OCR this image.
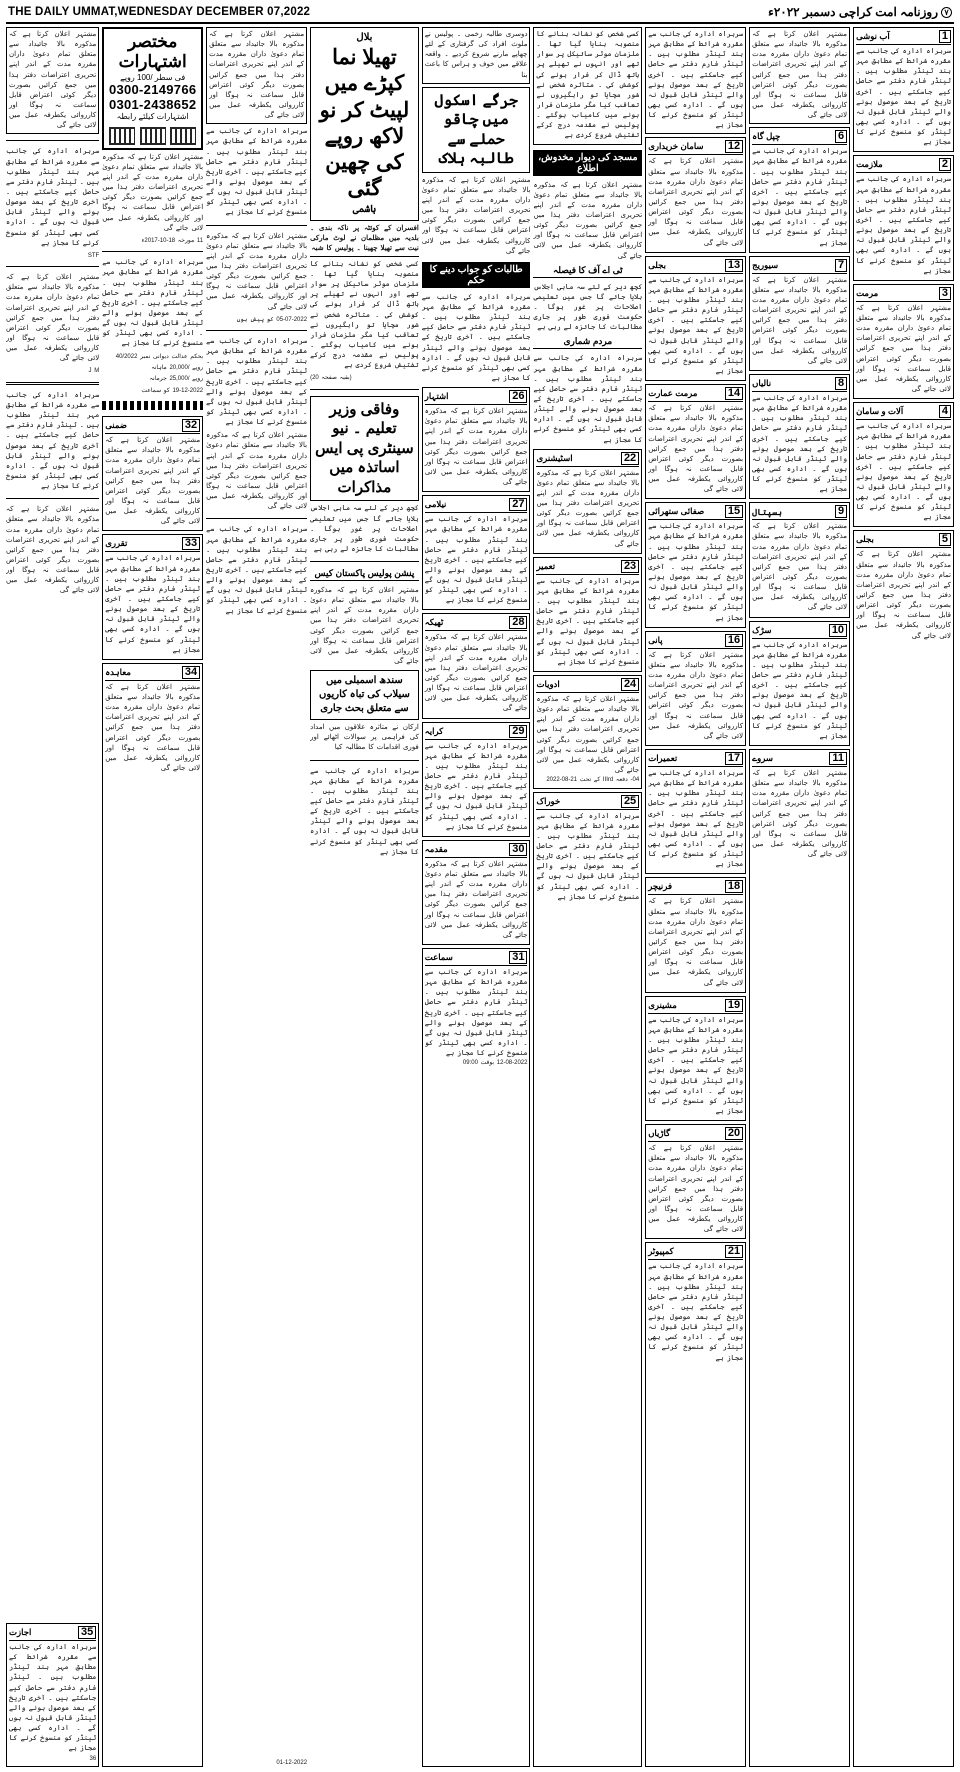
THE DAILY UMMAT,WEDNESDAY DECEMBER 07,2022	۷روزنامہ امت کراچی دسمبر ۲۰۲۲ء
1
آب نوشی
سربراہ ادارہ کی جانب سے مقررہ شرائط کے مطابق مہر بند ٹینڈر مطلوب ہیں ۔ ٹینڈر فارم دفتر سے حاصل کیے جاسکتے ہیں ۔ آخری تاریخ کے بعد موصول ہونے والے ٹینڈر قابل قبول نہ ہوں گے ۔ ادارہ کسی بھی ٹینڈر کو منسوخ کرنے کا مجاز ہے
2
ملازمت
سربراہ ادارہ کی جانب سے مقررہ شرائط کے مطابق مہر بند ٹینڈر مطلوب ہیں ۔ ٹینڈر فارم دفتر سے حاصل کیے جاسکتے ہیں ۔ آخری تاریخ کے بعد موصول ہونے والے ٹینڈر قابل قبول نہ ہوں گے ۔ ادارہ کسی بھی ٹینڈر کو منسوخ کرنے کا مجاز ہے
3
مرمت
مشتہر اعلان کرتا ہے کہ مذکورہ بالا جائیداد سے متعلق تمام دعویٰ داران مقررہ مدت کے اندر اپنے تحریری اعتراضات دفتر ہذا میں جمع کرائیں بصورت دیگر کوئی اعتراض قابل سماعت نہ ہوگا اور کارروائی یکطرفہ عمل میں لائی جائے گی
4
آلات و سامان
سربراہ ادارہ کی جانب سے مقررہ شرائط کے مطابق مہر بند ٹینڈر مطلوب ہیں ۔ ٹینڈر فارم دفتر سے حاصل کیے جاسکتے ہیں ۔ آخری تاریخ کے بعد موصول ہونے والے ٹینڈر قابل قبول نہ ہوں گے ۔ ادارہ کسی بھی ٹینڈر کو منسوخ کرنے کا مجاز ہے
5
بجلی
مشتہر اعلان کرتا ہے کہ مذکورہ بالا جائیداد سے متعلق تمام دعویٰ داران مقررہ مدت کے اندر اپنے تحریری اعتراضات دفتر ہذا میں جمع کرائیں بصورت دیگر کوئی اعتراض قابل سماعت نہ ہوگا اور کارروائی یکطرفہ عمل میں لائی جائے گی
مشتہر اعلان کرتا ہے کہ مذکورہ بالا جائیداد سے متعلق تمام دعویٰ داران مقررہ مدت کے اندر اپنے تحریری اعتراضات دفتر ہذا میں جمع کرائیں بصورت دیگر کوئی اعتراض قابل سماعت نہ ہوگا اور کارروائی یکطرفہ عمل میں لائی جائے گی
6
چپل گاہ
سربراہ ادارہ کی جانب سے مقررہ شرائط کے مطابق مہر بند ٹینڈر مطلوب ہیں ۔ ٹینڈر فارم دفتر سے حاصل کیے جاسکتے ہیں ۔ آخری تاریخ کے بعد موصول ہونے والے ٹینڈر قابل قبول نہ ہوں گے ۔ ادارہ کسی بھی ٹینڈر کو منسوخ کرنے کا مجاز ہے
7
سیوریج
مشتہر اعلان کرتا ہے کہ مذکورہ بالا جائیداد سے متعلق تمام دعویٰ داران مقررہ مدت کے اندر اپنے تحریری اعتراضات دفتر ہذا میں جمع کرائیں بصورت دیگر کوئی اعتراض قابل سماعت نہ ہوگا اور کارروائی یکطرفہ عمل میں لائی جائے گی
8
نالیاں
سربراہ ادارہ کی جانب سے مقررہ شرائط کے مطابق مہر بند ٹینڈر مطلوب ہیں ۔ ٹینڈر فارم دفتر سے حاصل کیے جاسکتے ہیں ۔ آخری تاریخ کے بعد موصول ہونے والے ٹینڈر قابل قبول نہ ہوں گے ۔ ادارہ کسی بھی ٹینڈر کو منسوخ کرنے کا مجاز ہے
9
ہسپتال
مشتہر اعلان کرتا ہے کہ مذکورہ بالا جائیداد سے متعلق تمام دعویٰ داران مقررہ مدت کے اندر اپنے تحریری اعتراضات دفتر ہذا میں جمع کرائیں بصورت دیگر کوئی اعتراض قابل سماعت نہ ہوگا اور کارروائی یکطرفہ عمل میں لائی جائے گی
10
سڑک
سربراہ ادارہ کی جانب سے مقررہ شرائط کے مطابق مہر بند ٹینڈر مطلوب ہیں ۔ ٹینڈر فارم دفتر سے حاصل کیے جاسکتے ہیں ۔ آخری تاریخ کے بعد موصول ہونے والے ٹینڈر قابل قبول نہ ہوں گے ۔ ادارہ کسی بھی ٹینڈر کو منسوخ کرنے کا مجاز ہے
11
سروے
مشتہر اعلان کرتا ہے کہ مذکورہ بالا جائیداد سے متعلق تمام دعویٰ داران مقررہ مدت کے اندر اپنے تحریری اعتراضات دفتر ہذا میں جمع کرائیں بصورت دیگر کوئی اعتراض قابل سماعت نہ ہوگا اور کارروائی یکطرفہ عمل میں لائی جائے گی
سربراہ ادارہ کی جانب سے مقررہ شرائط کے مطابق مہر بند ٹینڈر مطلوب ہیں ۔ ٹینڈر فارم دفتر سے حاصل کیے جاسکتے ہیں ۔ آخری تاریخ کے بعد موصول ہونے والے ٹینڈر قابل قبول نہ ہوں گے ۔ ادارہ کسی بھی ٹینڈر کو منسوخ کرنے کا مجاز ہے
12
سامان خریداری
مشتہر اعلان کرتا ہے کہ مذکورہ بالا جائیداد سے متعلق تمام دعویٰ داران مقررہ مدت کے اندر اپنے تحریری اعتراضات دفتر ہذا میں جمع کرائیں بصورت دیگر کوئی اعتراض قابل سماعت نہ ہوگا اور کارروائی یکطرفہ عمل میں لائی جائے گی
13
بجلی
سربراہ ادارہ کی جانب سے مقررہ شرائط کے مطابق مہر بند ٹینڈر مطلوب ہیں ۔ ٹینڈر فارم دفتر سے حاصل کیے جاسکتے ہیں ۔ آخری تاریخ کے بعد موصول ہونے والے ٹینڈر قابل قبول نہ ہوں گے ۔ ادارہ کسی بھی ٹینڈر کو منسوخ کرنے کا مجاز ہے
14
مرمت عمارت
مشتہر اعلان کرتا ہے کہ مذکورہ بالا جائیداد سے متعلق تمام دعویٰ داران مقررہ مدت کے اندر اپنے تحریری اعتراضات دفتر ہذا میں جمع کرائیں بصورت دیگر کوئی اعتراض قابل سماعت نہ ہوگا اور کارروائی یکطرفہ عمل میں لائی جائے گی
15
صفائی ستھرائی
سربراہ ادارہ کی جانب سے مقررہ شرائط کے مطابق مہر بند ٹینڈر مطلوب ہیں ۔ ٹینڈر فارم دفتر سے حاصل کیے جاسکتے ہیں ۔ آخری تاریخ کے بعد موصول ہونے والے ٹینڈر قابل قبول نہ ہوں گے ۔ ادارہ کسی بھی ٹینڈر کو منسوخ کرنے کا مجاز ہے
16
پانی
مشتہر اعلان کرتا ہے کہ مذکورہ بالا جائیداد سے متعلق تمام دعویٰ داران مقررہ مدت کے اندر اپنے تحریری اعتراضات دفتر ہذا میں جمع کرائیں بصورت دیگر کوئی اعتراض قابل سماعت نہ ہوگا اور کارروائی یکطرفہ عمل میں لائی جائے گی
17
تعمیرات
سربراہ ادارہ کی جانب سے مقررہ شرائط کے مطابق مہر بند ٹینڈر مطلوب ہیں ۔ ٹینڈر فارم دفتر سے حاصل کیے جاسکتے ہیں ۔ آخری تاریخ کے بعد موصول ہونے والے ٹینڈر قابل قبول نہ ہوں گے ۔ ادارہ کسی بھی ٹینڈر کو منسوخ کرنے کا مجاز ہے
18
فرنیچر
مشتہر اعلان کرتا ہے کہ مذکورہ بالا جائیداد سے متعلق تمام دعویٰ داران مقررہ مدت کے اندر اپنے تحریری اعتراضات دفتر ہذا میں جمع کرائیں بصورت دیگر کوئی اعتراض قابل سماعت نہ ہوگا اور کارروائی یکطرفہ عمل میں لائی جائے گی
19
مشینری
سربراہ ادارہ کی جانب سے مقررہ شرائط کے مطابق مہر بند ٹینڈر مطلوب ہیں ۔ ٹینڈر فارم دفتر سے حاصل کیے جاسکتے ہیں ۔ آخری تاریخ کے بعد موصول ہونے والے ٹینڈر قابل قبول نہ ہوں گے ۔ ادارہ کسی بھی ٹینڈر کو منسوخ کرنے کا مجاز ہے
20
گاڑیاں
مشتہر اعلان کرتا ہے کہ مذکورہ بالا جائیداد سے متعلق تمام دعویٰ داران مقررہ مدت کے اندر اپنے تحریری اعتراضات دفتر ہذا میں جمع کرائیں بصورت دیگر کوئی اعتراض قابل سماعت نہ ہوگا اور کارروائی یکطرفہ عمل میں لائی جائے گی
21
کمپیوٹر
سربراہ ادارہ کی جانب سے مقررہ شرائط کے مطابق مہر بند ٹینڈر مطلوب ہیں ۔ ٹینڈر فارم دفتر سے حاصل کیے جاسکتے ہیں ۔ آخری تاریخ کے بعد موصول ہونے والے ٹینڈر قابل قبول نہ ہوں گے ۔ ادارہ کسی بھی ٹینڈر کو منسوخ کرنے کا مجاز ہے
کسی شخص کو نشانہ بنانے کا منصوبہ بنایا گیا تھا ۔ ملزمان موٹر سائیکل پر سوار تھے اور انہوں نے تھیلے پر ہاتھ ڈال کر فرار ہونے کی کوشش کی ۔ متاثرہ شخص نے شور مچایا تو راہگیروں نے تعاقب کیا مگر ملزمان فرار ہونے میں کامیاب ہوگئے ۔ پولیس نے مقدمہ درج کرکے تفتیش شروع کردی ہے
مسجد کی دیوار مخدوش، اطلاع
مشتہر اعلان کرتا ہے کہ مذکورہ بالا جائیداد سے متعلق تمام دعویٰ داران مقررہ مدت کے اندر اپنے تحریری اعتراضات دفتر ہذا میں جمع کرائیں بصورت دیگر کوئی اعتراض قابل سماعت نہ ہوگا اور کارروائی یکطرفہ عمل میں لائی جائے گی
ٹی اے آف کا فیصلہ
کچھ دیر کے لئے سہ ماہی اجلاس بلایا جائے گا جس میں تعلیمی اصلاحات پر غور ہوگا ۔ حکومت فوری طور پر جاری مطالبات کا جائزہ لے رہی ہے
مردم شماری
سربراہ ادارہ کی جانب سے مقررہ شرائط کے مطابق مہر بند ٹینڈر مطلوب ہیں ۔ ٹینڈر فارم دفتر سے حاصل کیے جاسکتے ہیں ۔ آخری تاریخ کے بعد موصول ہونے والے ٹینڈر قابل قبول نہ ہوں گے ۔ ادارہ کسی بھی ٹینڈر کو منسوخ کرنے کا مجاز ہے
22
اسٹیشنری
مشتہر اعلان کرتا ہے کہ مذکورہ بالا جائیداد سے متعلق تمام دعویٰ داران مقررہ مدت کے اندر اپنے تحریری اعتراضات دفتر ہذا میں جمع کرائیں بصورت دیگر کوئی اعتراض قابل سماعت نہ ہوگا اور کارروائی یکطرفہ عمل میں لائی جائے گی
23
تعمیر
سربراہ ادارہ کی جانب سے مقررہ شرائط کے مطابق مہر بند ٹینڈر مطلوب ہیں ۔ ٹینڈر فارم دفتر سے حاصل کیے جاسکتے ہیں ۔ آخری تاریخ کے بعد موصول ہونے والے ٹینڈر قابل قبول نہ ہوں گے ۔ ادارہ کسی بھی ٹینڈر کو منسوخ کرنے کا مجاز ہے
24
ادویات
مشتہر اعلان کرتا ہے کہ مذکورہ بالا جائیداد سے متعلق تمام دعویٰ داران مقررہ مدت کے اندر اپنے تحریری اعتراضات دفتر ہذا میں جمع کرائیں بصورت دیگر کوئی اعتراض قابل سماعت نہ ہوگا اور کارروائی یکطرفہ عمل میں لائی جائے گی
04- دفعہ IIIrd کے تحت 21-08-2022
25
خوراک
سربراہ ادارہ کی جانب سے مقررہ شرائط کے مطابق مہر بند ٹینڈر مطلوب ہیں ۔ ٹینڈر فارم دفتر سے حاصل کیے جاسکتے ہیں ۔ آخری تاریخ کے بعد موصول ہونے والے ٹینڈر قابل قبول نہ ہوں گے ۔ ادارہ کسی بھی ٹینڈر کو منسوخ کرنے کا مجاز ہے
دوسری طالبہ زخمی ۔ پولیس نے ملوث افراد کی گرفتاری کے لئے چھاپے مارنے شروع کردیے ۔ واقعہ علاقے میں خوف و ہراس کا باعث بنا
جرگے اسکول میں چاقو حملے سے طالبہ ہلاک
مشتہر اعلان کرتا ہے کہ مذکورہ بالا جائیداد سے متعلق تمام دعویٰ داران مقررہ مدت کے اندر اپنے تحریری اعتراضات دفتر ہذا میں جمع کرائیں بصورت دیگر کوئی اعتراض قابل سماعت نہ ہوگا اور کارروائی یکطرفہ عمل میں لائی جائے گی
طالبات کو جواب دینے کا حکم
سربراہ ادارہ کی جانب سے مقررہ شرائط کے مطابق مہر بند ٹینڈر مطلوب ہیں ۔ ٹینڈر فارم دفتر سے حاصل کیے جاسکتے ہیں ۔ آخری تاریخ کے بعد موصول ہونے والے ٹینڈر قابل قبول نہ ہوں گے ۔ ادارہ کسی بھی ٹینڈر کو منسوخ کرنے کا مجاز ہے
26
اشتہار
مشتہر اعلان کرتا ہے کہ مذکورہ بالا جائیداد سے متعلق تمام دعویٰ داران مقررہ مدت کے اندر اپنے تحریری اعتراضات دفتر ہذا میں جمع کرائیں بصورت دیگر کوئی اعتراض قابل سماعت نہ ہوگا اور کارروائی یکطرفہ عمل میں لائی جائے گی
27
نیلامی
سربراہ ادارہ کی جانب سے مقررہ شرائط کے مطابق مہر بند ٹینڈر مطلوب ہیں ۔ ٹینڈر فارم دفتر سے حاصل کیے جاسکتے ہیں ۔ آخری تاریخ کے بعد موصول ہونے والے ٹینڈر قابل قبول نہ ہوں گے ۔ ادارہ کسی بھی ٹینڈر کو منسوخ کرنے کا مجاز ہے
28
ٹھیکہ
مشتہر اعلان کرتا ہے کہ مذکورہ بالا جائیداد سے متعلق تمام دعویٰ داران مقررہ مدت کے اندر اپنے تحریری اعتراضات دفتر ہذا میں جمع کرائیں بصورت دیگر کوئی اعتراض قابل سماعت نہ ہوگا اور کارروائی یکطرفہ عمل میں لائی جائے گی
29
کرایہ
سربراہ ادارہ کی جانب سے مقررہ شرائط کے مطابق مہر بند ٹینڈر مطلوب ہیں ۔ ٹینڈر فارم دفتر سے حاصل کیے جاسکتے ہیں ۔ آخری تاریخ کے بعد موصول ہونے والے ٹینڈر قابل قبول نہ ہوں گے ۔ ادارہ کسی بھی ٹینڈر کو منسوخ کرنے کا مجاز ہے
30
مقدمہ
مشتہر اعلان کرتا ہے کہ مذکورہ بالا جائیداد سے متعلق تمام دعویٰ داران مقررہ مدت کے اندر اپنے تحریری اعتراضات دفتر ہذا میں جمع کرائیں بصورت دیگر کوئی اعتراض قابل سماعت نہ ہوگا اور کارروائی یکطرفہ عمل میں لائی جائے گی
31
سماعت
سربراہ ادارہ کی جانب سے مقررہ شرائط کے مطابق مہر بند ٹینڈر مطلوب ہیں ۔ ٹینڈر فارم دفتر سے حاصل کیے جاسکتے ہیں ۔ آخری تاریخ کے بعد موصول ہونے والے ٹینڈر قابل قبول نہ ہوں گے ۔ ادارہ کسی بھی ٹینڈر کو منسوخ کرنے کا مجاز ہے
12-08-2022 بوقت 09:00
بلال
تھیلا نما کپڑے میں لپیٹ کر نو لاکھ روپے کی چھین گئی
ہاشمی
افسران کے کوئٹہ پر ناکہ بندی ۔ بلدیہ میں مظلمان نے لوٹ مارکی نیت سے تھیلا چھینا ۔ پولیس کا شبہ
کسی شخص کو نشانہ بنانے کا منصوبہ بنایا گیا تھا ۔ ملزمان موٹر سائیکل پر سوار تھے اور انہوں نے تھیلے پر ہاتھ ڈال کر فرار ہونے کی کوشش کی ۔ متاثرہ شخص نے شور مچایا تو راہگیروں نے تعاقب کیا مگر ملزمان فرار ہونے میں کامیاب ہوگئے ۔ پولیس نے مقدمہ درج کرکے تفتیش شروع کردی ہے
(بقیہ صفحہ 20)
وفاقی وزیر تعلیم ۔ نیو سینٹری پی ایس اساتذہ میں مذاکرات
کچھ دیر کے لئے سہ ماہی اجلاس بلایا جائے گا جس میں تعلیمی اصلاحات پر غور ہوگا ۔ حکومت فوری طور پر جاری مطالبات کا جائزہ لے رہی ہے
پنشن پولیس پاکستان کیس
مشتہر اعلان کرتا ہے کہ مذکورہ بالا جائیداد سے متعلق تمام دعویٰ داران مقررہ مدت کے اندر اپنے تحریری اعتراضات دفتر ہذا میں جمع کرائیں بصورت دیگر کوئی اعتراض قابل سماعت نہ ہوگا اور کارروائی یکطرفہ عمل میں لائی جائے گی
سندھ اسمبلی میں سیلاب کی تباہ کاریوں سے متعلق بحث جاری
ارکان نے متاثرہ علاقوں میں امداد کی فراہمی پر سوالات اٹھائے اور فوری اقدامات کا مطالبہ کیا
سربراہ ادارہ کی جانب سے مقررہ شرائط کے مطابق مہر بند ٹینڈر مطلوب ہیں ۔ ٹینڈر فارم دفتر سے حاصل کیے جاسکتے ہیں ۔ آخری تاریخ کے بعد موصول ہونے والے ٹینڈر قابل قبول نہ ہوں گے ۔ ادارہ کسی بھی ٹینڈر کو منسوخ کرنے کا مجاز ہے
مشتہر اعلان کرتا ہے کہ مذکورہ بالا جائیداد سے متعلق تمام دعویٰ داران مقررہ مدت کے اندر اپنے تحریری اعتراضات دفتر ہذا میں جمع کرائیں بصورت دیگر کوئی اعتراض قابل سماعت نہ ہوگا اور کارروائی یکطرفہ عمل میں لائی جائے گی
سربراہ ادارہ کی جانب سے مقررہ شرائط کے مطابق مہر بند ٹینڈر مطلوب ہیں ۔ ٹینڈر فارم دفتر سے حاصل کیے جاسکتے ہیں ۔ آخری تاریخ کے بعد موصول ہونے والے ٹینڈر قابل قبول نہ ہوں گے ۔ ادارہ کسی بھی ٹینڈر کو منسوخ کرنے کا مجاز ہے
مشتہر اعلان کرتا ہے کہ مذکورہ بالا جائیداد سے متعلق تمام دعویٰ داران مقررہ مدت کے اندر اپنے تحریری اعتراضات دفتر ہذا میں جمع کرائیں بصورت دیگر کوئی اعتراض قابل سماعت نہ ہوگا اور کارروائی یکطرفہ عمل میں لائی جائے گی
05-07-2022 کو پیش ہوں
سربراہ ادارہ کی جانب سے مقررہ شرائط کے مطابق مہر بند ٹینڈر مطلوب ہیں ۔ ٹینڈر فارم دفتر سے حاصل کیے جاسکتے ہیں ۔ آخری تاریخ کے بعد موصول ہونے والے ٹینڈر قابل قبول نہ ہوں گے ۔ ادارہ کسی بھی ٹینڈر کو منسوخ کرنے کا مجاز ہے
مشتہر اعلان کرتا ہے کہ مذکورہ بالا جائیداد سے متعلق تمام دعویٰ داران مقررہ مدت کے اندر اپنے تحریری اعتراضات دفتر ہذا میں جمع کرائیں بصورت دیگر کوئی اعتراض قابل سماعت نہ ہوگا اور کارروائی یکطرفہ عمل میں لائی جائے گی
سربراہ ادارہ کی جانب سے مقررہ شرائط کے مطابق مہر بند ٹینڈر مطلوب ہیں ۔ ٹینڈر فارم دفتر سے حاصل کیے جاسکتے ہیں ۔ آخری تاریخ کے بعد موصول ہونے والے ٹینڈر قابل قبول نہ ہوں گے ۔ ادارہ کسی بھی ٹینڈر کو منسوخ کرنے کا مجاز ہے
01-12-2022
مختصر اشتہارات
فی سطر /100 روپے
0300-2149766
0301-2438652
اشتہارات کیلئے رابطہ
مشتہر اعلان کرتا ہے کہ مذکورہ بالا جائیداد سے متعلق تمام دعویٰ داران مقررہ مدت کے اندر اپنے تحریری اعتراضات دفتر ہذا میں جمع کرائیں بصورت دیگر کوئی اعتراض قابل سماعت نہ ہوگا اور کارروائی یکطرفہ عمل میں لائی جائے گی
11 مورخہ 18-10-2017ء
سربراہ ادارہ کی جانب سے مقررہ شرائط کے مطابق مہر بند ٹینڈر مطلوب ہیں ۔ ٹینڈر فارم دفتر سے حاصل کیے جاسکتے ہیں ۔ آخری تاریخ کے بعد موصول ہونے والے ٹینڈر قابل قبول نہ ہوں گے ۔ ادارہ کسی بھی ٹینڈر کو منسوخ کرنے کا مجاز ہے
بحکم عدالت دیوانی نمبر 40/2022
روپے /20,000 ماہانہ
روپے /25,000 جرمانہ
19-12-2022 کو سماعت
32
ضمنی
مشتہر اعلان کرتا ہے کہ مذکورہ بالا جائیداد سے متعلق تمام دعویٰ داران مقررہ مدت کے اندر اپنے تحریری اعتراضات دفتر ہذا میں جمع کرائیں بصورت دیگر کوئی اعتراض قابل سماعت نہ ہوگا اور کارروائی یکطرفہ عمل میں لائی جائے گی
33
تقرری
سربراہ ادارہ کی جانب سے مقررہ شرائط کے مطابق مہر بند ٹینڈر مطلوب ہیں ۔ ٹینڈر فارم دفتر سے حاصل کیے جاسکتے ہیں ۔ آخری تاریخ کے بعد موصول ہونے والے ٹینڈر قابل قبول نہ ہوں گے ۔ ادارہ کسی بھی ٹینڈر کو منسوخ کرنے کا مجاز ہے
34
معاہدہ
مشتہر اعلان کرتا ہے کہ مذکورہ بالا جائیداد سے متعلق تمام دعویٰ داران مقررہ مدت کے اندر اپنے تحریری اعتراضات دفتر ہذا میں جمع کرائیں بصورت دیگر کوئی اعتراض قابل سماعت نہ ہوگا اور کارروائی یکطرفہ عمل میں لائی جائے گی
مشتہر اعلان کرتا ہے کہ مذکورہ بالا جائیداد سے متعلق تمام دعویٰ داران مقررہ مدت کے اندر اپنے تحریری اعتراضات دفتر ہذا میں جمع کرائیں بصورت دیگر کوئی اعتراض قابل سماعت نہ ہوگا اور کارروائی یکطرفہ عمل میں لائی جائے گی
سربراہ ادارہ کی جانب سے مقررہ شرائط کے مطابق مہر بند ٹینڈر مطلوب ہیں ۔ ٹینڈر فارم دفتر سے حاصل کیے جاسکتے ہیں ۔ آخری تاریخ کے بعد موصول ہونے والے ٹینڈر قابل قبول نہ ہوں گے ۔ ادارہ کسی بھی ٹینڈر کو منسوخ کرنے کا مجاز ہے
STF
مشتہر اعلان کرتا ہے کہ مذکورہ بالا جائیداد سے متعلق تمام دعویٰ داران مقررہ مدت کے اندر اپنے تحریری اعتراضات دفتر ہذا میں جمع کرائیں بصورت دیگر کوئی اعتراض قابل سماعت نہ ہوگا اور کارروائی یکطرفہ عمل میں لائی جائے گی
J M
سربراہ ادارہ کی جانب سے مقررہ شرائط کے مطابق مہر بند ٹینڈر مطلوب ہیں ۔ ٹینڈر فارم دفتر سے حاصل کیے جاسکتے ہیں ۔ آخری تاریخ کے بعد موصول ہونے والے ٹینڈر قابل قبول نہ ہوں گے ۔ ادارہ کسی بھی ٹینڈر کو منسوخ کرنے کا مجاز ہے
مشتہر اعلان کرتا ہے کہ مذکورہ بالا جائیداد سے متعلق تمام دعویٰ داران مقررہ مدت کے اندر اپنے تحریری اعتراضات دفتر ہذا میں جمع کرائیں بصورت دیگر کوئی اعتراض قابل سماعت نہ ہوگا اور کارروائی یکطرفہ عمل میں لائی جائے گی
35
اجازت
سربراہ ادارہ کی جانب سے مقررہ شرائط کے مطابق مہر بند ٹینڈر مطلوب ہیں ۔ ٹینڈر فارم دفتر سے حاصل کیے جاسکتے ہیں ۔ آخری تاریخ کے بعد موصول ہونے والے ٹینڈر قابل قبول نہ ہوں گے ۔ ادارہ کسی بھی ٹینڈر کو منسوخ کرنے کا مجاز ہے
36
